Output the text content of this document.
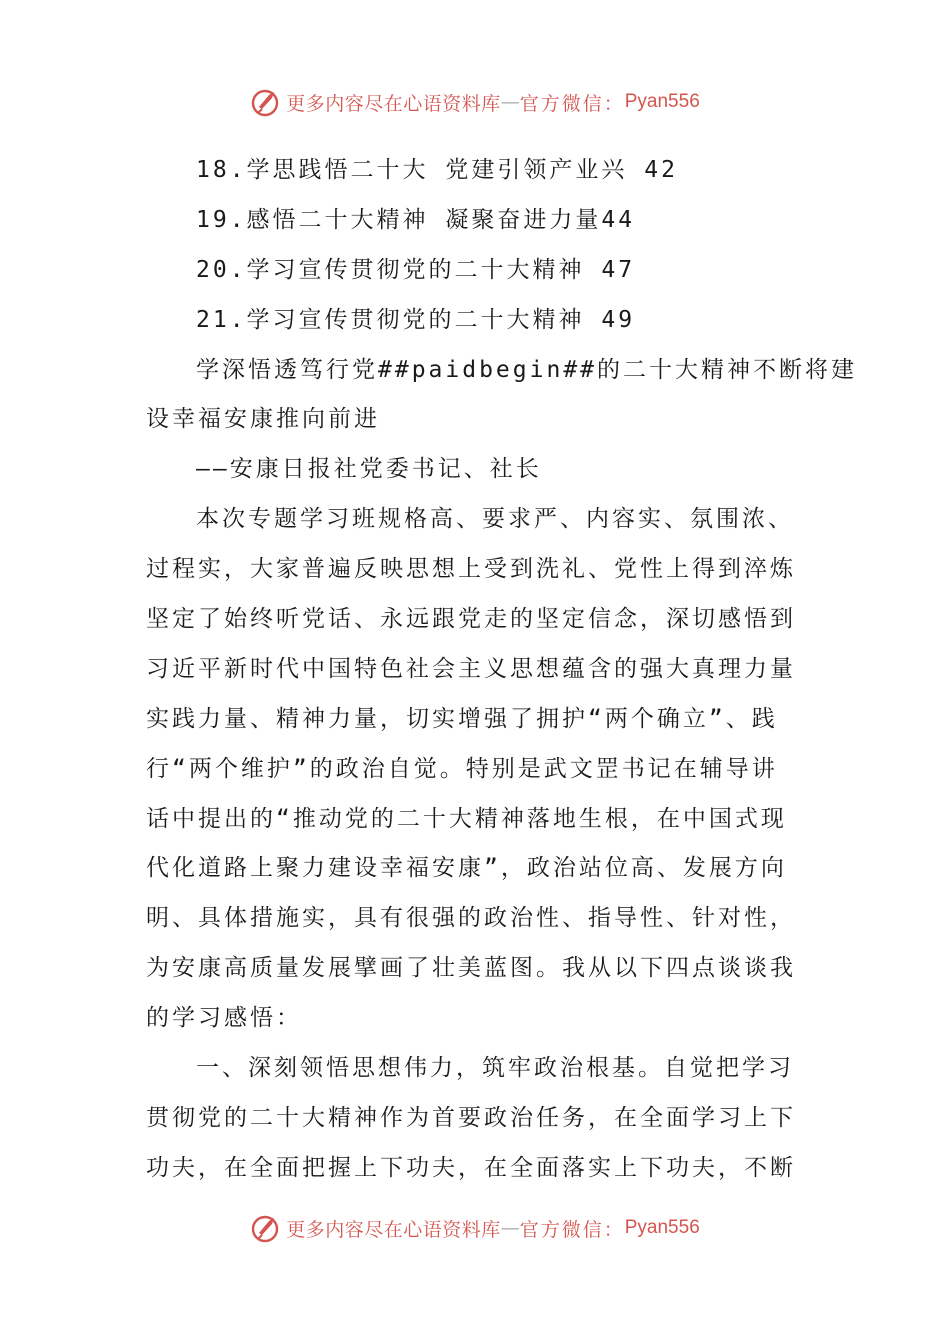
更多内容尽在心语资料库 — 官方微信： Pyan556
18.学思践悟二十大 党建引领产业兴 42
19.感悟二十大精神 凝聚奋进力量44
20.学习宣传贯彻党的二十大精神 47
21.学习宣传贯彻党的二十大精神 49
学深悟透笃行党##paidbegin##的二十大精神不断将建
设幸福安康推向前进
——安康日报社党委书记、社长
本次专题学习班规格高、要求严、内容实、氛围浓、
过程实，大家普遍反映思想上受到洗礼、党性上得到淬炼
坚定了始终听党话、永远跟党走的坚定信念，深切感悟到
习近平新时代中国特色社会主义思想蕴含的强大真理力量
实践力量、精神力量，切实增强了拥护“两个确立”、践
行“两个维护”的政治自觉。特别是武文罡书记在辅导讲
话中提出的“推动党的二十大精神落地生根，在中国式现
代化道路上聚力建设幸福安康”，政治站位高、发展方向
明、具体措施实，具有很强的政治性、指导性、针对性，
为安康高质量发展擘画了壮美蓝图。我从以下四点谈谈我
的学习感悟：
一、深刻领悟思想伟力，筑牢政治根基。自觉把学习
贯彻党的二十大精神作为首要政治任务，在全面学习上下
功夫，在全面把握上下功夫，在全面落实上下功夫，不断
更多内容尽在心语资料库 — 官方微信： Pyan556
